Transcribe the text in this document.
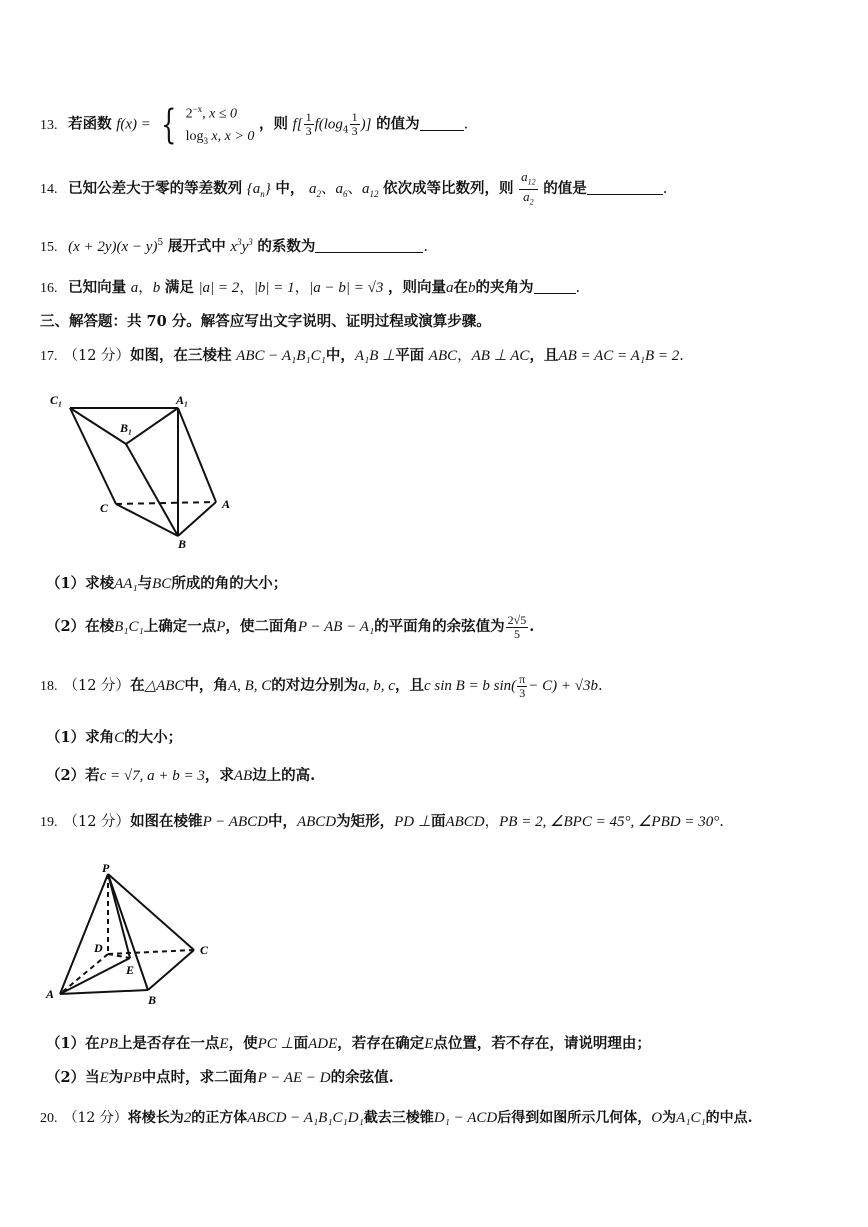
13. 若函数 f(x) = { $2^{-x}$, x ≤ 0
$\log_3 x$, x > 0
，则 $f[ \frac{1}{3} f(\log_4 \frac{1}{3}$ )] 的值为	.
14. 已知公差大于零的等差数列 $\{a_n\}$ 中， $a_2$、$a_6$、$a_{12}$ 依次成等比数列，则 $\frac{a_{12}}{a_2}$ 的值是	.
15. $(x + 2y)(x - y)^5$ 展开式中 $x^3y^3$ 的系数为	.
16. 已知向量 a，b 满足 |a| = 2，|b| = 1，|a − b| = √3 ，则向量a在b的夹角为	.
三、解答题：共 70 分。解答应写出文字说明、证明过程或演算步骤。
17. （12 分）如图，在三棱柱 ABC − A₁B₁C₁中，A₁B ⊥平面 ABC，AB ⊥ AC，且AB = AC = A₁B = 2.
C₁	A₁
B₁
C	A
B
（1）求棱AA₁与BC所成的角的大小；
（2）在棱B₁C₁上确定一点P，使二面角P − AB − A₁的平面角的余弦值为 $\frac{2√5}{5}$ .
18. （12 分）在△ABC中，角A, B, C的对边分别为a, b, c，且c sin B = b $\sin( \frac{\pi}{3} - C) + √3b$.
（1）求角C的大小；
（2）若c = √7, a + b = 3，求AB边上的高.
19. （12 分）如图在棱锥P − ABCD中，ABCD为矩形，PD ⊥面ABCD，PB = 2, ∠BPC = 45°, ∠PBD = 30°.
P
D
E
C
A	B
（1）在PB上是否存在一点E，使PC ⊥面ADE，若存在确定E点位置，若不存在，请说明理由；
（2）当E为PB中点时，求二面角P − AE − D的余弦值.
20. （12 分）将棱长为2的正方体ABCD − A₁B₁C₁D₁截去三棱锥D₁ − ACD后得到如图所示几何体，O为A₁C₁的中点.
